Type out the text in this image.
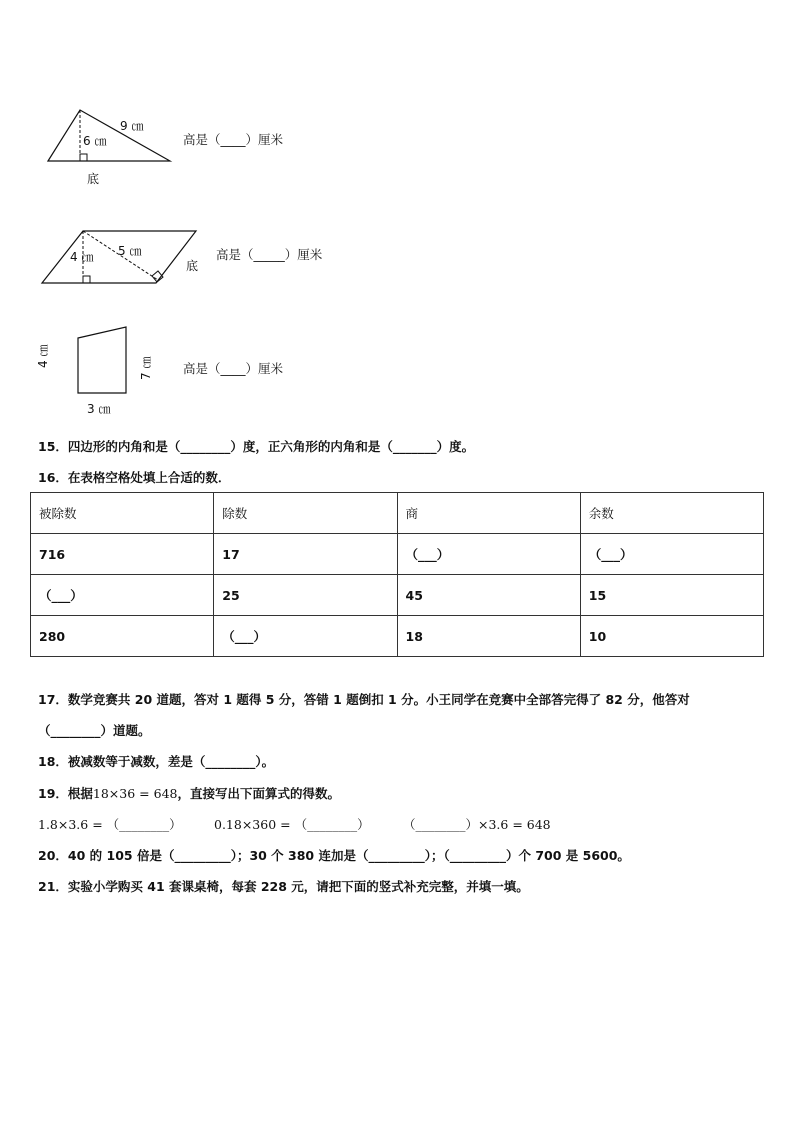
9 ㎝
6 ㎝
底
高是（____）厘米
5 ㎝
4 ㎝
底
高是（_____）厘米
4 ㎝
7 ㎝
3 ㎝
高是（____）厘米
15．四边形的内角和是（________）度，正六角形的内角和是（_______）度。
16．在表格空格处填上合适的数．
被除数	除数	商	余数
716	17	（___）	（___）
（___）	25	45	15
280	（___）	18	10
17．数学竞赛共 20 道题，答对 1 题得 5 分，答错 1 题倒扣 1 分。小王同学在竞赛中全部答完得了 82 分，他答对
（________）道题。
18．被减数等于减数，差是（________）。
19．根据18×36 = 648，直接写出下面算式的得数。
1.8×3.6 = （________）	0.18×360 = （________）	（________）×3.6 = 648
20．40 的 105 倍是（_________）；30 个 380 连加是（_________）；（_________）个 700 是 5600。
21．实验小学购买 41 套课桌椅，每套 228 元，请把下面的竖式补充完整，并填一填。
